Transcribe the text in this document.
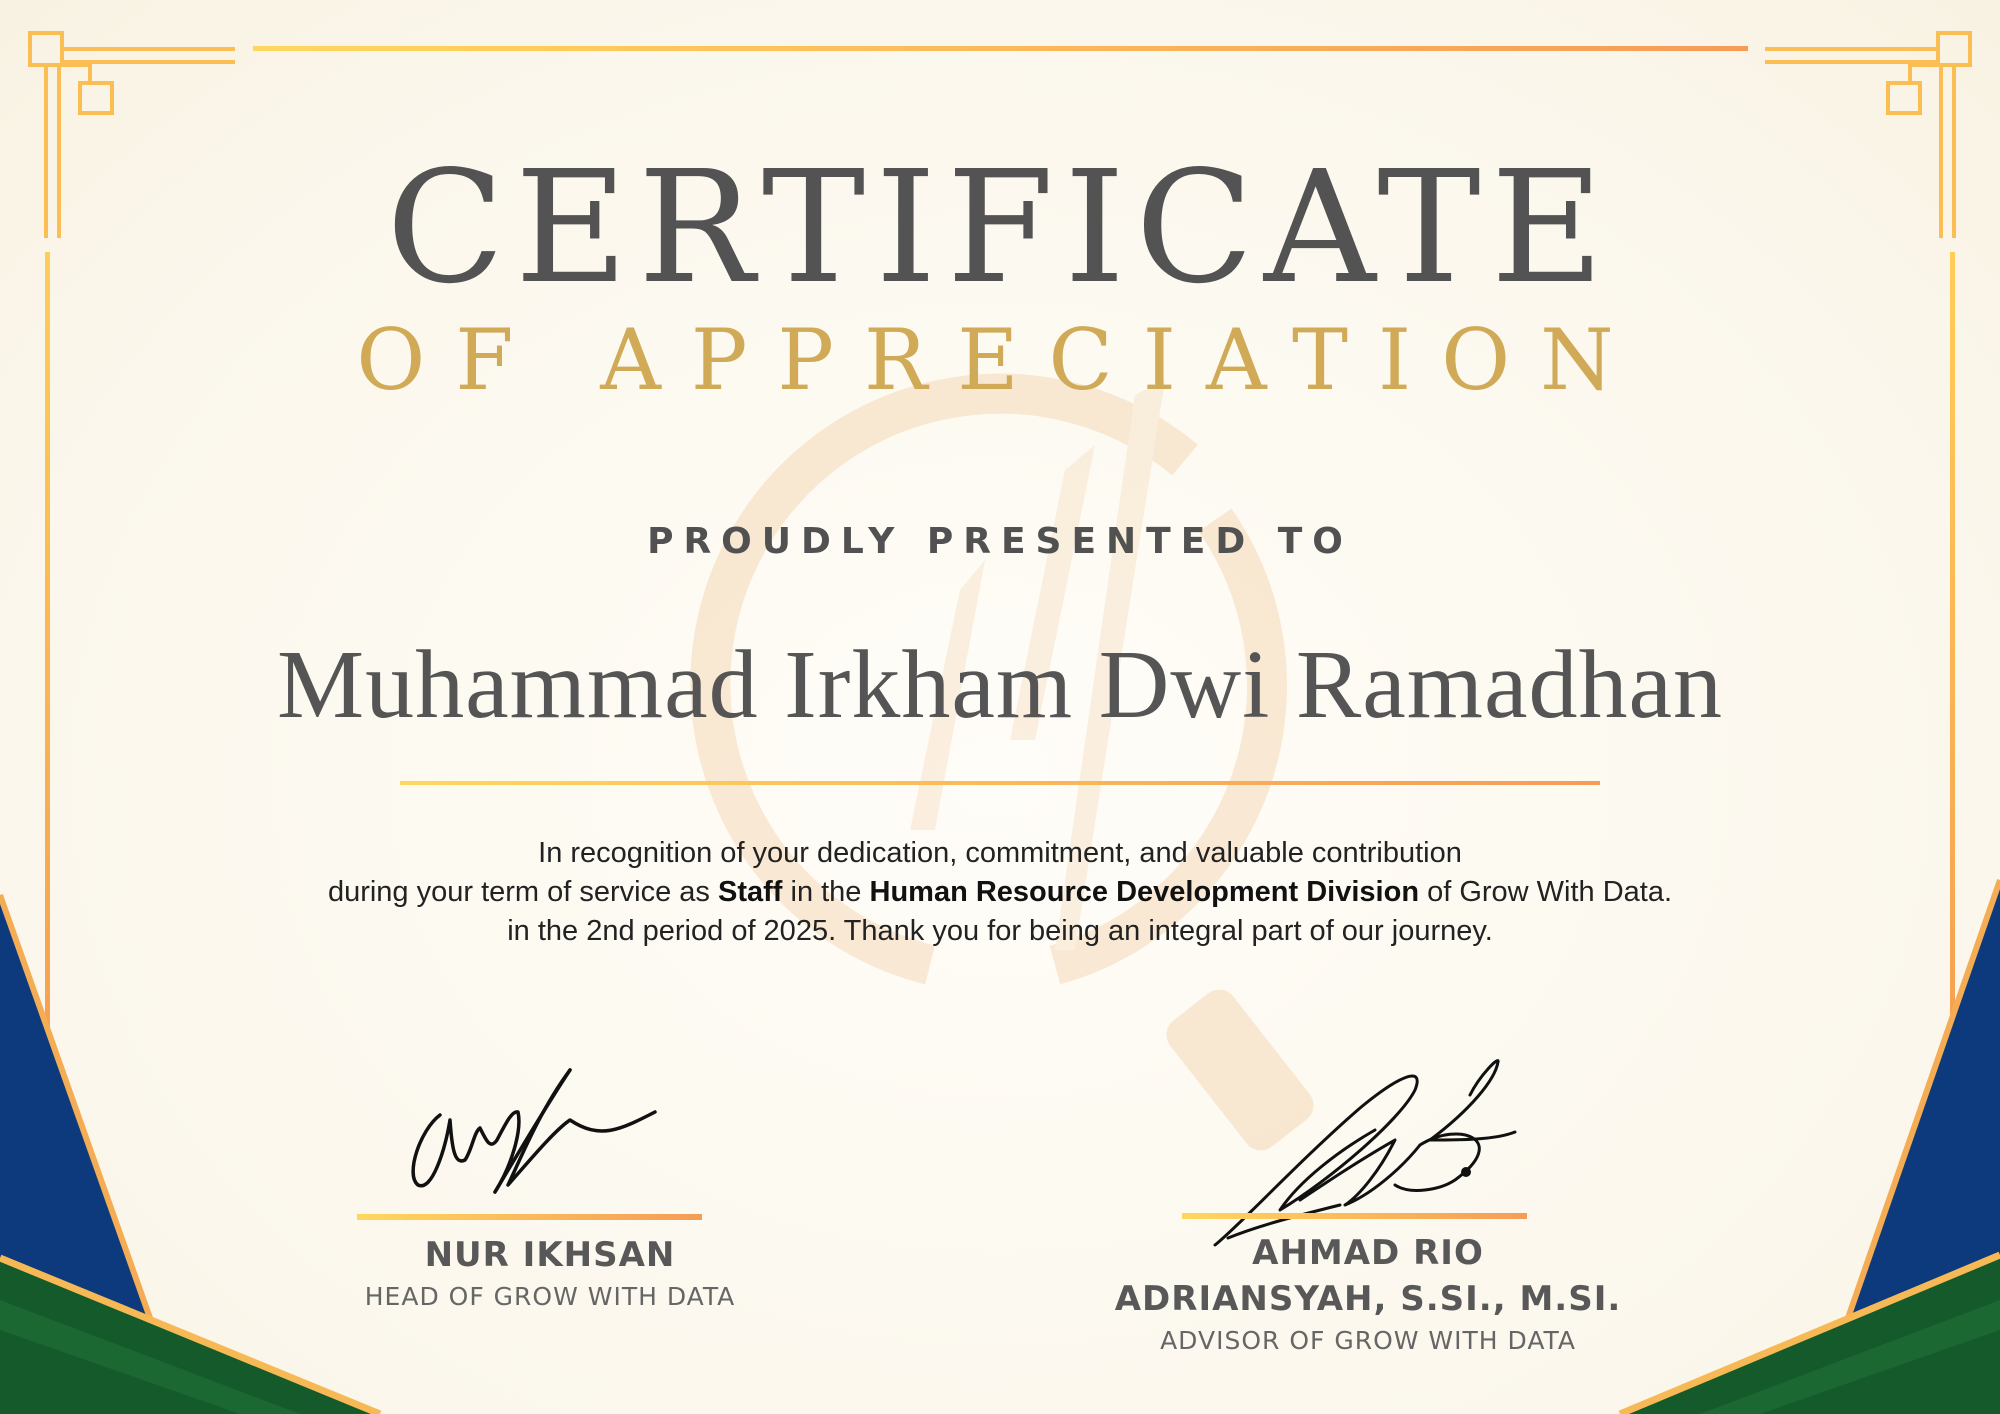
CERTIFICATE
OF APPRECIATION
PROUDLY PRESENTED TO
Muhammad Irkham Dwi Ramadhan
In recognition of your dedication, commitment, and valuable contribution
during your term of service as Staff in the Human Resource Development Division of Grow With Data.
in the 2nd period of 2025. Thank you for being an integral part of our journey.
NUR IKHSAN
HEAD OF GROW WITH DATA
AHMAD RIO
ADRIANSYAH, S.SI., M.SI.
ADVISOR OF GROW WITH DATA
